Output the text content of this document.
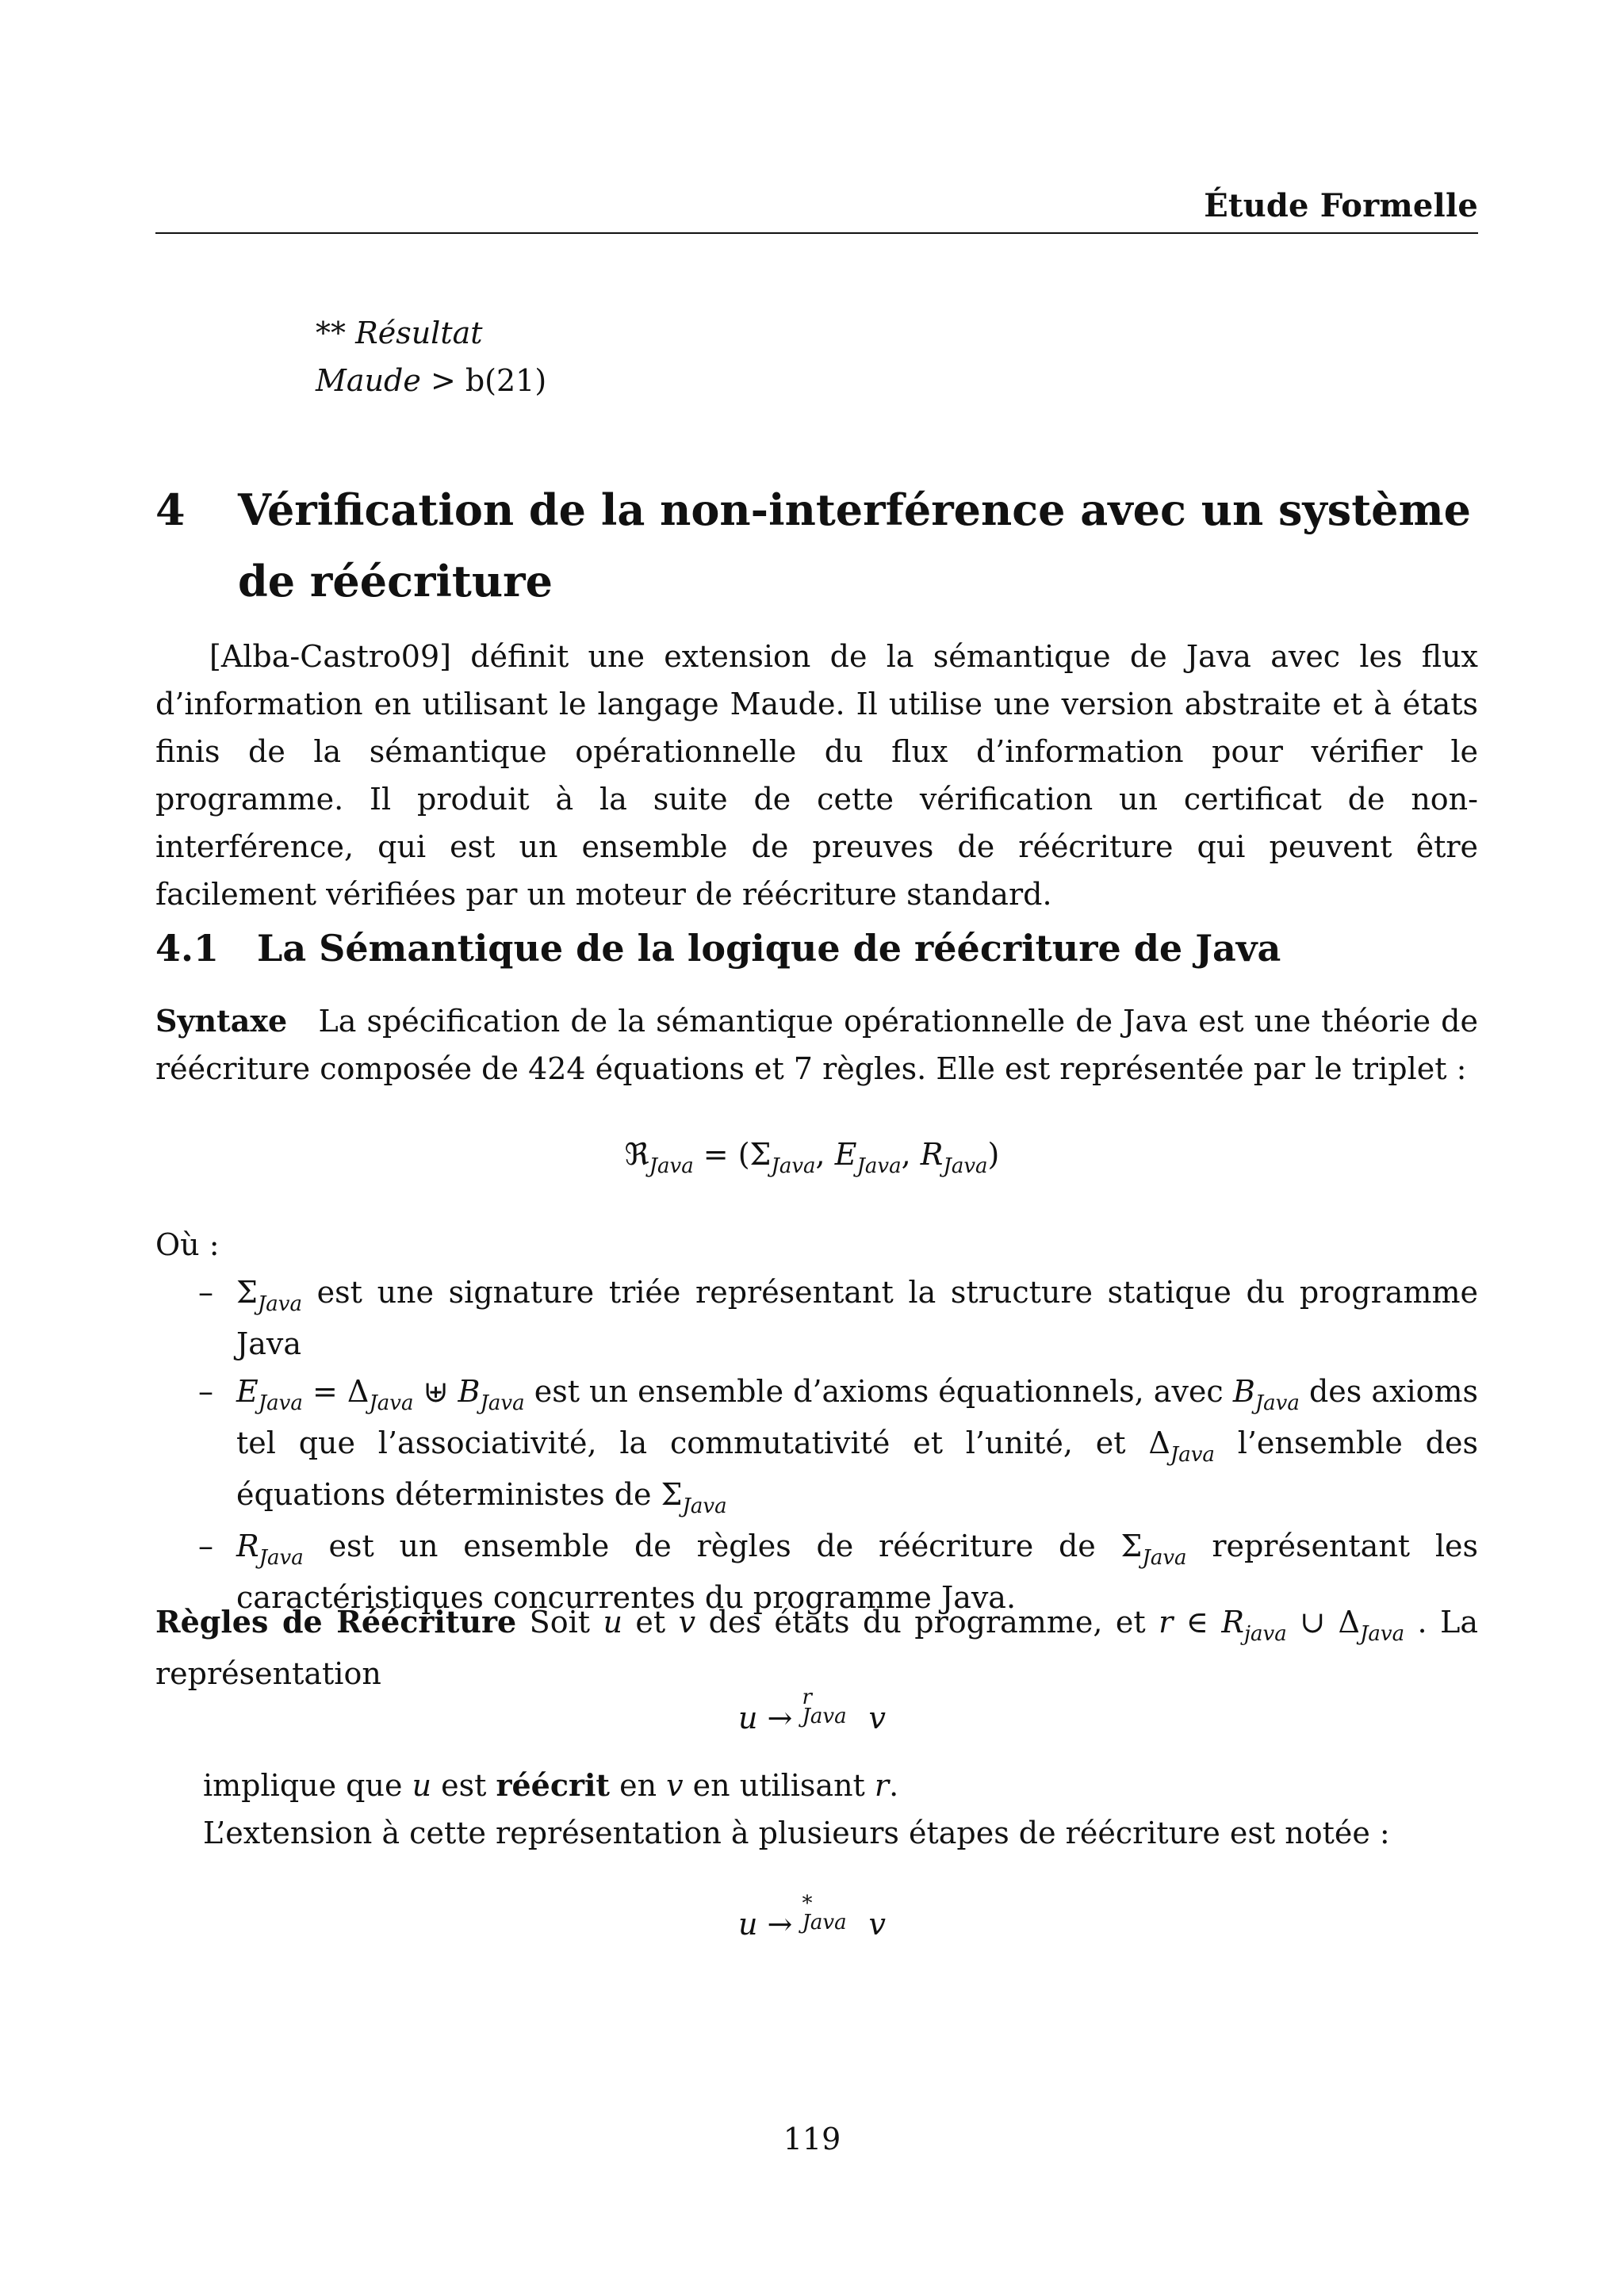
Étude Formelle
** Résultat
Maude > b(21)
4 Vérification de la non-interférence avec un système de réécriture
[Alba-Castro09] définit une extension de la sémantique de Java avec les flux d’information en utilisant le langage Maude. Il utilise une version abstraite et à états finis de la sémantique opérationnelle du flux d’information pour vérifier le programme. Il produit à la suite de cette vérification un certificat de non-interférence, qui est un ensemble de preuves de réécriture qui peuvent être facilement vérifiées par un moteur de réécriture standard.
4.1 La Sémantique de la logique de réécriture de Java
Syntaxe La spécification de la sémantique opérationnelle de Java est une théorie de réécriture composée de 424 équations et 7 règles. Elle est représentée par le triplet :
ℜ$_{Java}$ = ($\Sigma_{Java}$, $E_{Java}$, $R_{Java}$)
Où :
– $\Sigma_{Java}$ est une signature triée représentant la structure statique du programme Java
– $E_{Java} = \Delta_{Java}$ ⊎ $B_{Java}$ est un ensemble d’axioms équationnels, avec $B_{Java}$ des axioms tel que l’associativité, la commutativité et l’unité, et $\Delta_{Java}$ l’ensemble des équations déterministes de $\Sigma_{Java}$
– $R_{Java}$ est un ensemble de règles de réécriture de $\Sigma_{Java}$ représentant les caractéristiques concurrentes du programme Java.
Règles de Réécriture Soit u et v des états du programme, et r ∈ $R_{java}$ ∪ $\Delta_{Java}$ . La représentation
u →
r
Java v
implique que u est réécrit en v en utilisant r.
L’extension à cette représentation à plusieurs étapes de réécriture est notée :
u →
*
Java v
119
